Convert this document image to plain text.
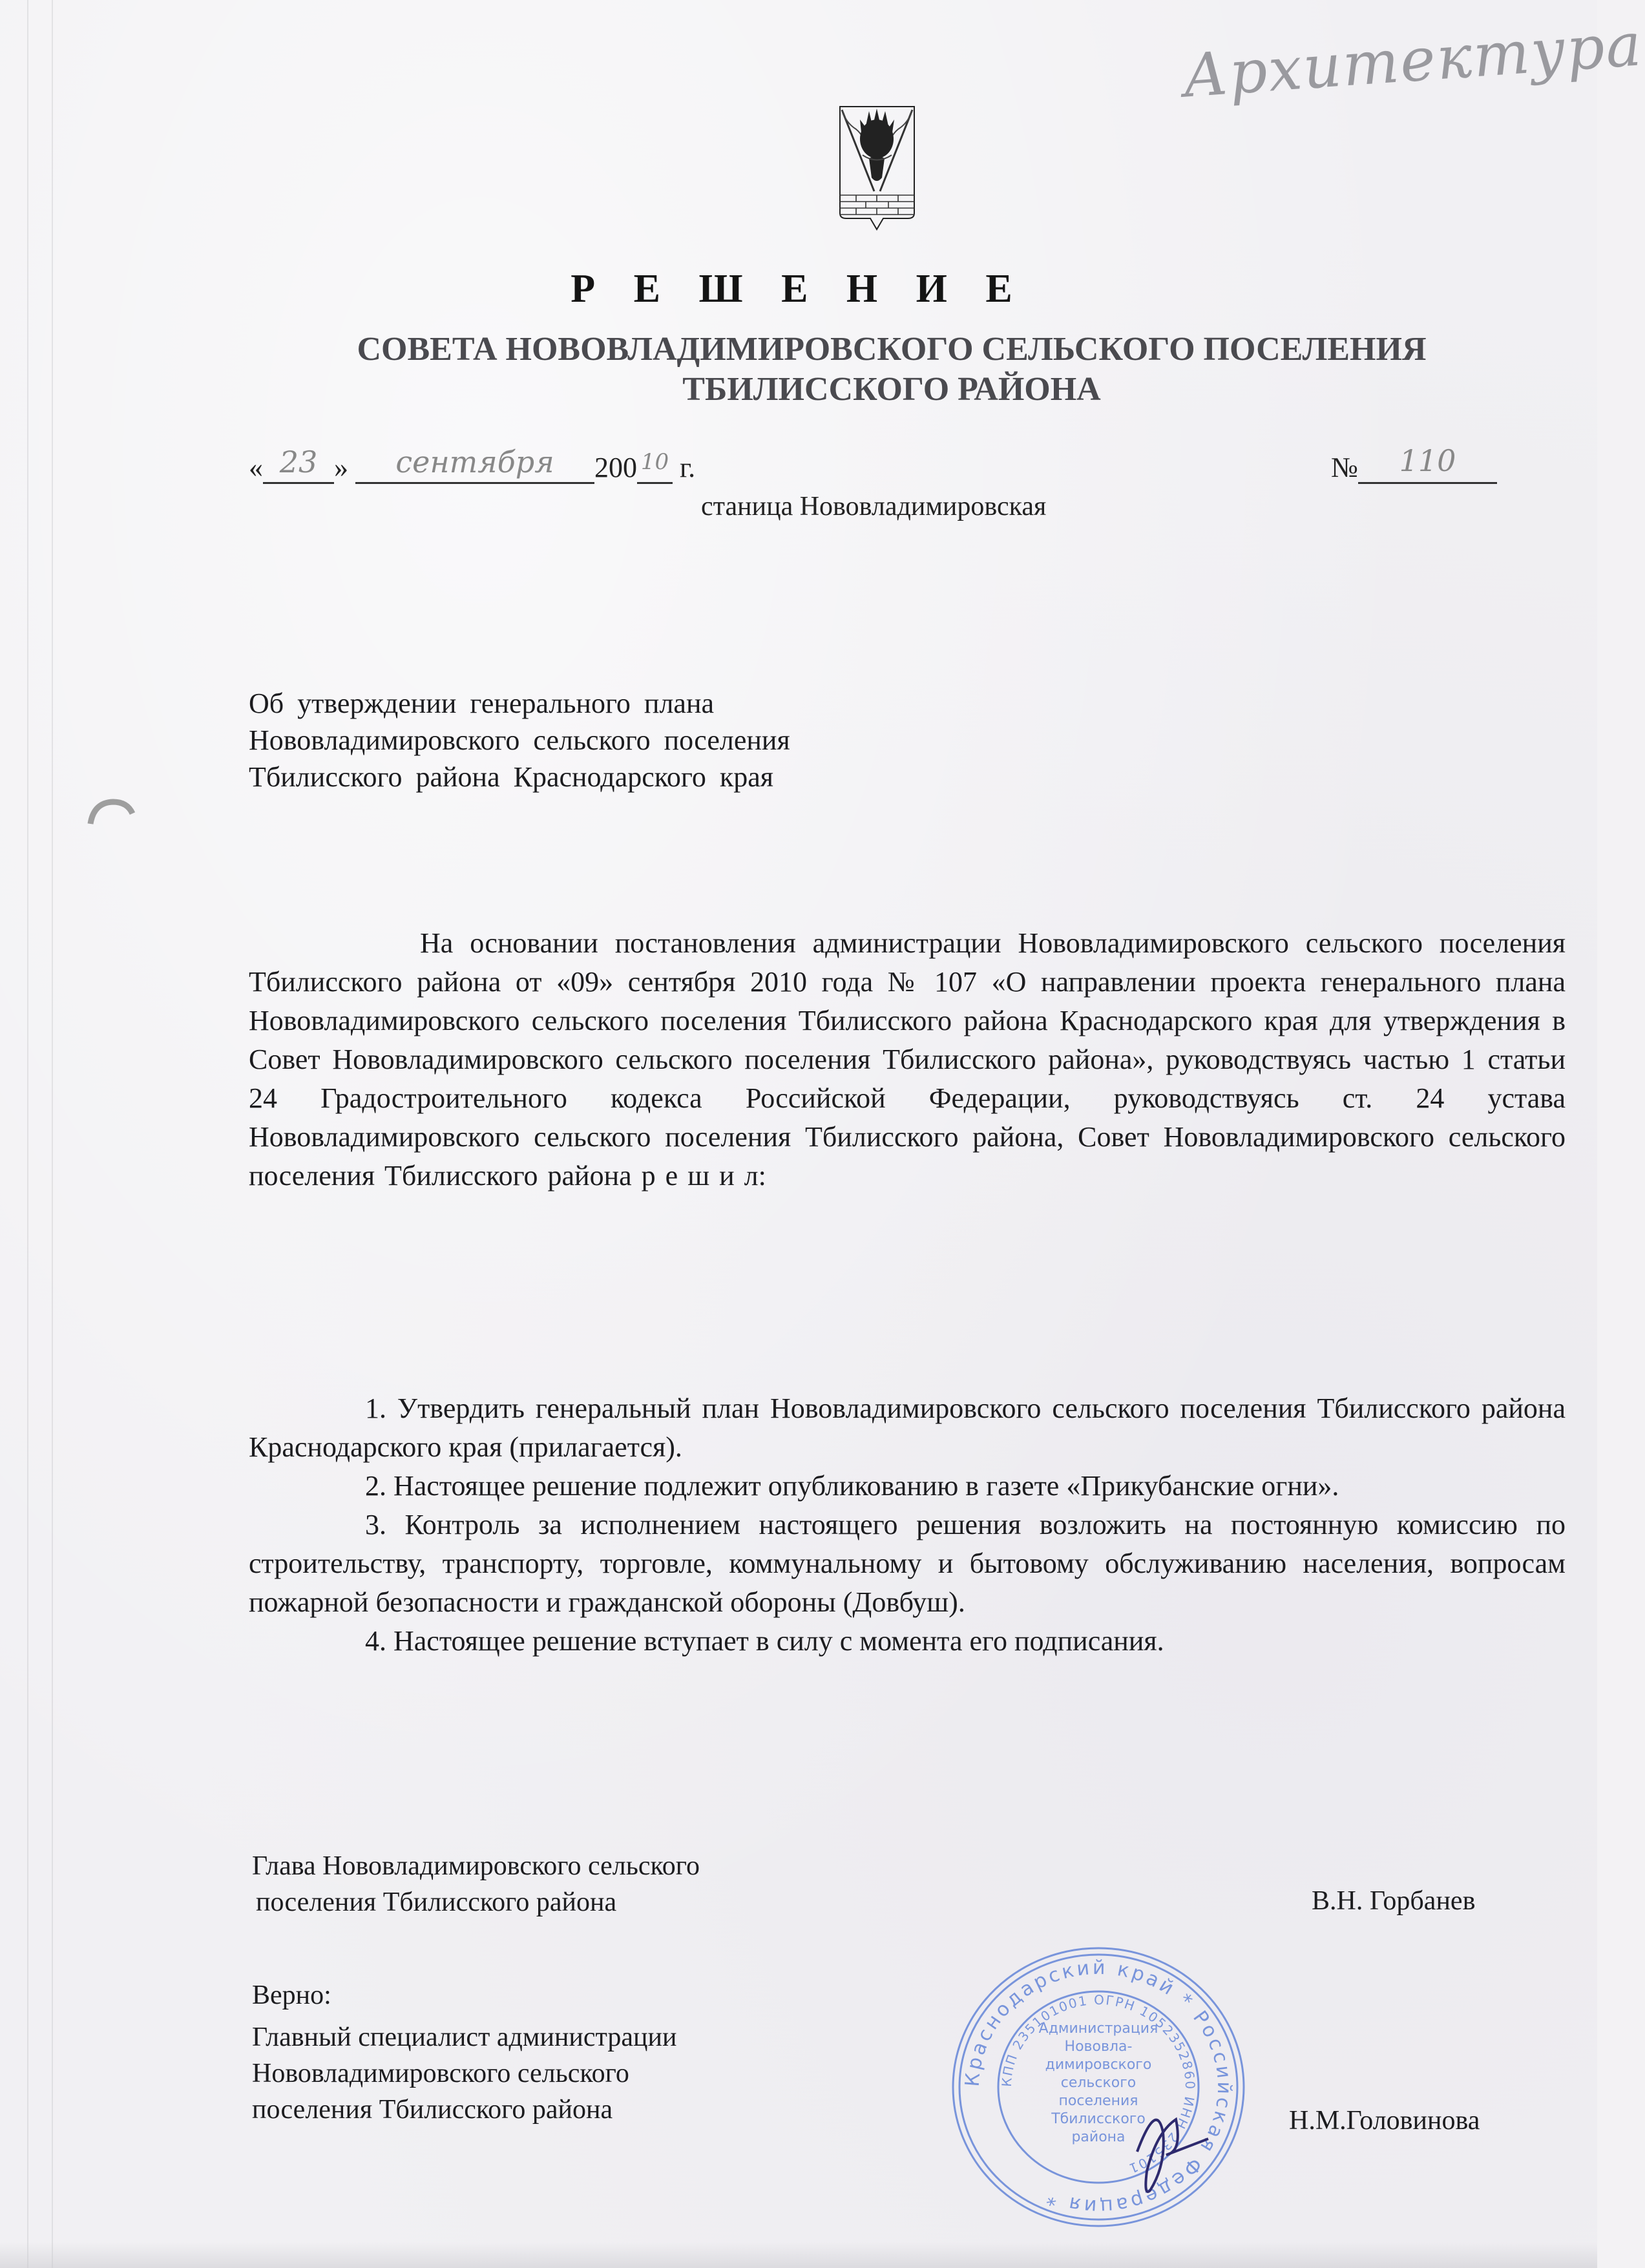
Архитектура
Р Е Ш Е Н И Е
СОВЕТА НОВОВЛАДИМИРОВСКОГО СЕЛЬСКОГО ПОСЕЛЕНИЯ
ТБИЛИССКОГО РАЙОНА
« 23 » сентября 200 10 г.	№ 110
станица Нововладимировская
Об утверждении генерального плана
Нововладимировского сельского поселения
Тбилисского района Краснодарского края
На основании постановления администрации Нововладимировского сельского поселения Тбилисского района от «09» сентября 2010 года № 107 «О направлении проекта генерального плана Нововладимировского сельского поселения Тбилисского района Краснодарского края для утверждения в Совет Нововладимировского сельского поселения Тбилисского района», руководствуясь частью 1 статьи 24 Градостроительного кодекса Российской Федерации, руководствуясь ст. 24 устава Нововладимировского сельского поселения Тбилисского района, Совет Нововладимировского сельского поселения Тбилисского района р е ш и л:

1. Утвердить генеральный план Нововладимировского сельского поселения Тбилисского района Краснодарского края (прилагается).

2. Настоящее решение подлежит опубликованию в газете «Прикубанские огни».

3. Контроль за исполнением настоящего решения возложить на постоянную комиссию по строительству, транспорту, торговле, коммунальному и бытовому обслуживанию населения, вопросам пожарной безопасности и гражданской обороны (Довбуш).

4. Настоящее решение вступает в силу с момента его подписания.

Глава Нововладимировского сельского
поселения Тбилисского района	В.Н. Горбанев
Верно:
Главный специалист администрации
Нововладимировского сельского
поселения Тбилисского района	Н.М.Головинова
Краснодарский край * Российская Федерация *
КПП 235101001 ОГРН 1052352860 ИНН 235101
Администрация
Нововла-
димировского
сельского
поселения
Тбилисского
района
